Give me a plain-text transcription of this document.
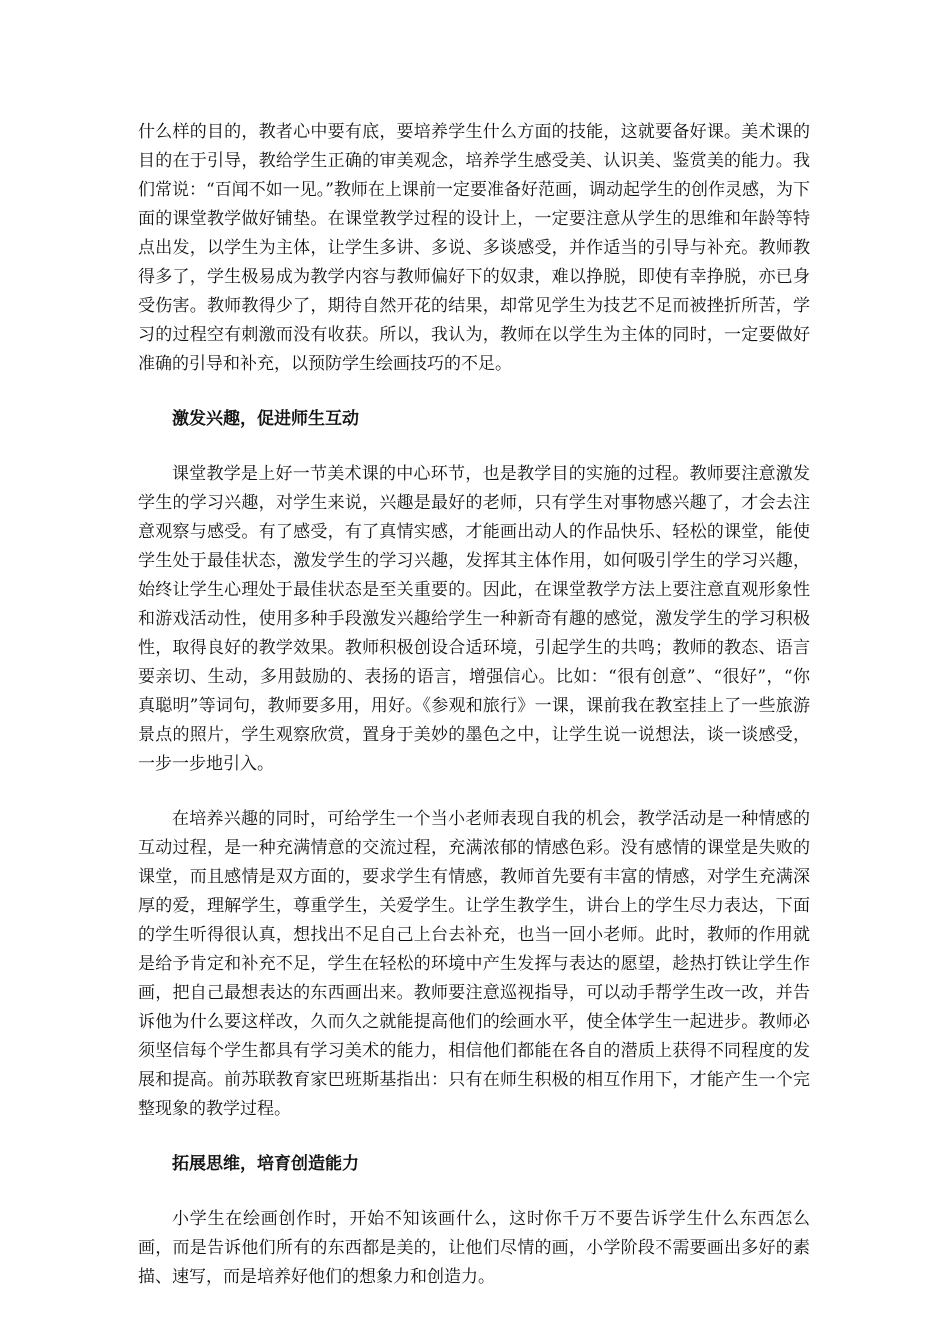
什么样的目的，教者心中要有底，要培养学生什么方面的技能，这就要备好课。美术课的目的在于引导，教给学生正确的审美观念，培养学生感受美、认识美、鉴赏美的能力。我们常说：“百闻不如一见。”教师在上课前一定要准备好范画，调动起学生的创作灵感，为下面的课堂教学做好铺垫。在课堂教学过程的设计上，一定要注意从学生的思维和年龄等特点出发，以学生为主体，让学生多讲、多说、多谈感受，并作适当的引导与补充。教师教得多了，学生极易成为教学内容与教师偏好下的奴隶，难以挣脱，即使有幸挣脱，亦已身受伤害。教师教得少了，期待自然开花的结果，却常见学生为技艺不足而被挫折所苦，学习的过程空有刺激而没有收获。所以，我认为，教师在以学生为主体的同时，一定要做好准确的引导和补充，以预防学生绘画技巧的不足。

激发兴趣，促进师生互动

课堂教学是上好一节美术课的中心环节，也是教学目的实施的过程。教师要注意激发学生的学习兴趣，对学生来说，兴趣是最好的老师，只有学生对事物感兴趣了，才会去注意观察与感受。有了感受，有了真情实感，才能画出动人的作品快乐、轻松的课堂，能使学生处于最佳状态，激发学生的学习兴趣，发挥其主体作用，如何吸引学生的学习兴趣，始终让学生心理处于最佳状态是至关重要的。因此，在课堂教学方法上要注意直观形象性和游戏活动性，使用多种手段激发兴趣给学生一种新奇有趣的感觉，激发学生的学习积极性，取得良好的教学效果。教师积极创设合适环境，引起学生的共鸣；教师的教态、语言要亲切、生动，多用鼓励的、表扬的语言，增强信心。比如：“很有创意”、“很好”，“你真聪明”等词句，教师要多用，用好。《参观和旅行》一课，课前我在教室挂上了一些旅游景点的照片，学生观察欣赏，置身于美妙的墨色之中，让学生说一说想法，谈一谈感受，一步一步地引入。

在培养兴趣的同时，可给学生一个当小老师表现自我的机会，教学活动是一种情感的互动过程，是一种充满情意的交流过程，充满浓郁的情感色彩。没有感情的课堂是失败的课堂，而且感情是双方面的，要求学生有情感，教师首先要有丰富的情感，对学生充满深厚的爱，理解学生，尊重学生，关爱学生。让学生教学生，讲台上的学生尽力表达，下面的学生听得很认真，想找出不足自己上台去补充，也当一回小老师。此时，教师的作用就是给予肯定和补充不足，学生在轻松的环境中产生发挥与表达的愿望，趁热打铁让学生作画，把自己最想表达的东西画出来。教师要注意巡视指导，可以动手帮学生改一改，并告诉他为什么要这样改，久而久之就能提高他们的绘画水平，使全体学生一起进步。教师必须坚信每个学生都具有学习美术的能力，相信他们都能在各自的潜质上获得不同程度的发展和提高。前苏联教育家巴班斯基指出：只有在师生积极的相互作用下，才能产生一个完整现象的教学过程。

拓展思维，培育创造能力

小学生在绘画创作时，开始不知该画什么，这时你千万不要告诉学生什么东西怎么画，而是告诉他们所有的东西都是美的，让他们尽情的画，小学阶段不需要画出多好的素描、速写，而是培养好他们的想象力和创造力。
